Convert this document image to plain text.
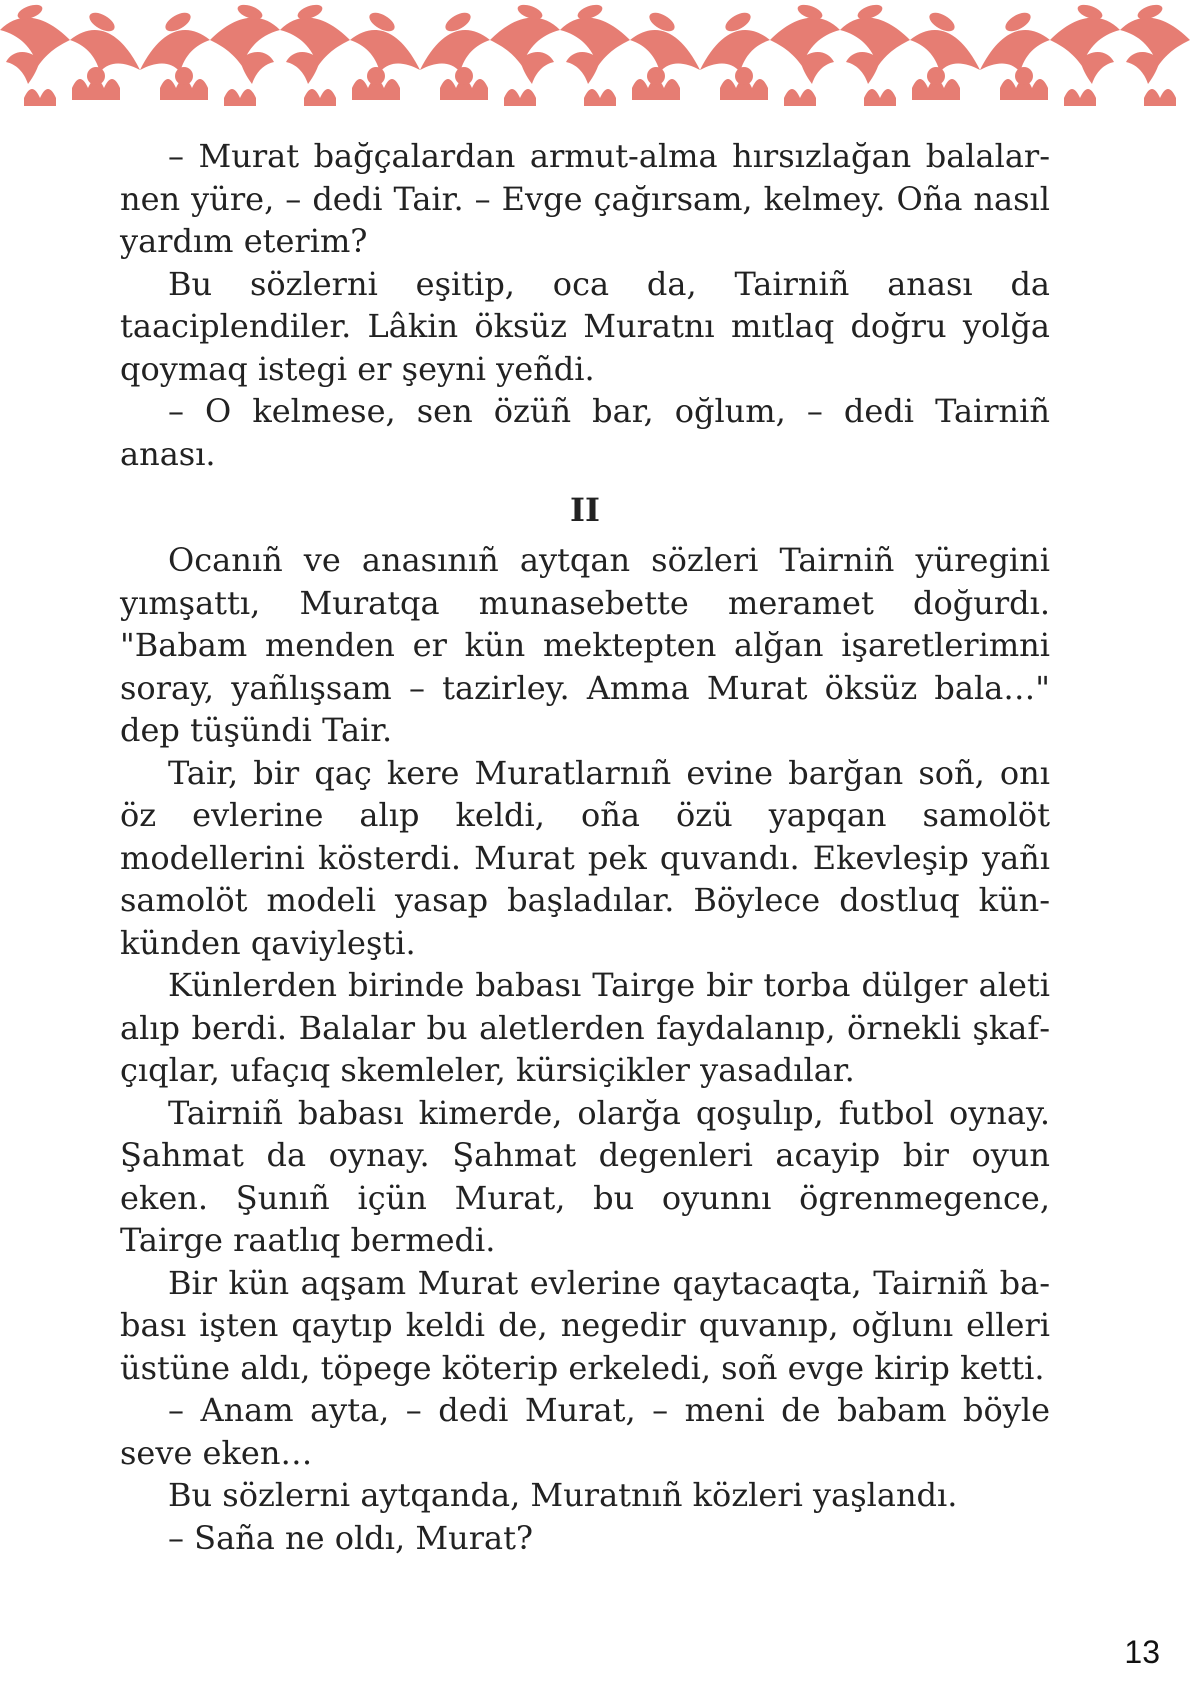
– Murat bağçalardan armut-alma hırsızlağan balalarnen yüre, – dedi Tair. – Evge çağırsam, kelmey. Oña nasıl yardım eterim?

Bu sözlerni eşitip, oca da, Tairniñ anası da taaciplendiler. Lâkin öksüz Muratnı mıtlaq doğru yolğa qoymaq istegi er şeyni yeñdi.

– O kelmese, sen özüñ bar, oğlum, – dedi Tairniñ anası.

II

Ocanıñ ve anasınıñ aytqan sözleri Tairniñ yüregini yımşattı, Muratqa munasebette meramet doğurdı. "Babam menden er kün mektepten alğan işaretlerimni soray, yañlışsam – tazirley. Amma Murat öksüz bala…" dep tüşündi Tair.

Tair, bir qaç kere Muratlarnıñ evine barğan soñ, onı öz evlerine alıp keldi, oña özü yapqan samolöt modellerini kösterdi. Murat pek quvandı. Ekevleşip yañı samolöt modeli yasap başladılar. Böylece dostluq kün-künden qaviyleşti.

Künlerden birinde babası Tairge bir torba dülger aleti alıp berdi. Balalar bu aletlerden faydalanıp, örnekli şkafçıqlar, ufaçıq skemleler, kürsiçikler yasadılar.

Tairniñ babası kimerde, olarğa qoşulıp, futbol oynay. Şahmat da oynay. Şahmat degenleri acayip bir oyun eken. Şunıñ içün Murat, bu oyunnı ögrenmegence, Tairge raatlıq bermedi.

Bir kün aqşam Murat evlerine qaytacaqta, Tairniñ babası işten qaytıp keldi de, negedir quvanıp, oğlunı elleri üstüne aldı, töpege köterip erkeledi, soñ evge kirip ketti.

– Anam ayta, – dedi Murat, – meni de babam böyle seve eken…

Bu sözlerni aytqanda, Muratnıñ közleri yaşlandı.

– Saña ne oldı, Murat?

13
